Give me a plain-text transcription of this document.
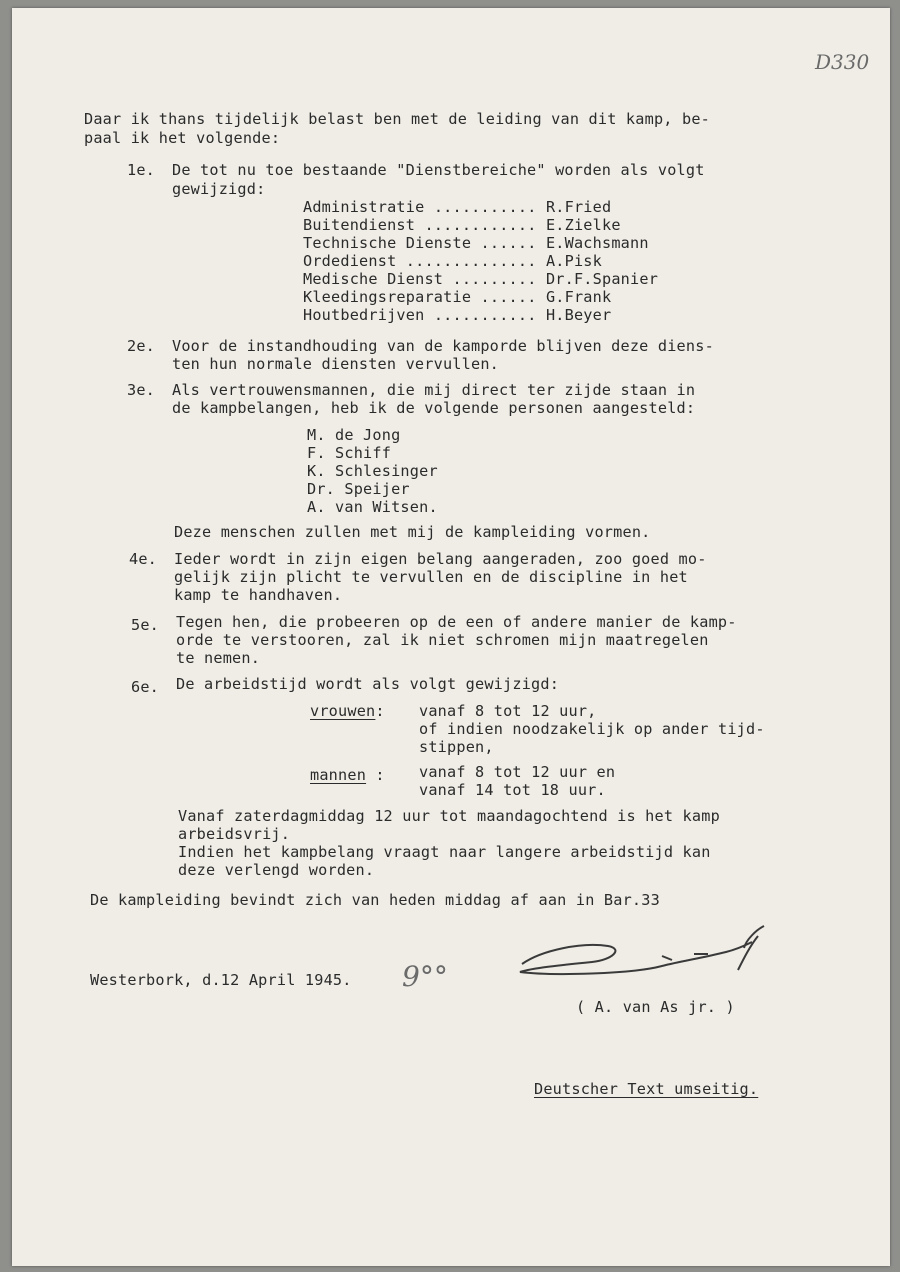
D330
Daar ik thans tijdelijk belast ben met de leiding van dit kamp, be-
paal ik het volgende:
1e. De tot nu toe bestaande "Dienstbereiche" worden als volgt
gewijzigd:
Administratie ........... R.Fried
Buitendienst ............ E.Zielke
Technische Dienste ...... E.Wachsmann
Ordedienst .............. A.Pisk
Medische Dienst ......... Dr.F.Spanier
Kleedingsreparatie ...... G.Frank
Houtbedrijven ........... H.Beyer
2e. Voor de instandhouding van de kamporde blijven deze diens-
ten hun normale diensten vervullen.
3e. Als vertrouwensmannen, die mij direct ter zijde staan in
de kampbelangen, heb ik de volgende personen aangesteld:
M. de Jong
F. Schiff
K. Schlesinger
Dr. Speijer
A. van Witsen.
Deze menschen zullen met mij de kampleiding vormen.
4e. Ieder wordt in zijn eigen belang aangeraden, zoo goed mo-
gelijk zijn plicht te vervullen en de discipline in het
kamp te handhaven.
5e. Tegen hen, die probeeren op de een of andere manier de kamp-
orde te verstooren, zal ik niet schromen mijn maatregelen
te nemen.
6e. De arbeidstijd wordt als volgt gewijzigd:
vrouwen: vanaf 8 tot 12 uur,
of indien noodzakelijk op ander tijd-
stippen,
mannen : vanaf 8 tot 12 uur en
vanaf 14 tot 18 uur.
Vanaf zaterdagmiddag 12 uur tot maandagochtend is het kamp
arbeidsvrij.
Indien het kampbelang vraagt naar langere arbeidstijd kan
deze verlengd worden.
De kampleiding bevindt zich van heden middag af aan in Bar.33
Westerbork, d.12 April 1945. 9°°
( A. van As jr. )
Deutscher Text umseitig.
